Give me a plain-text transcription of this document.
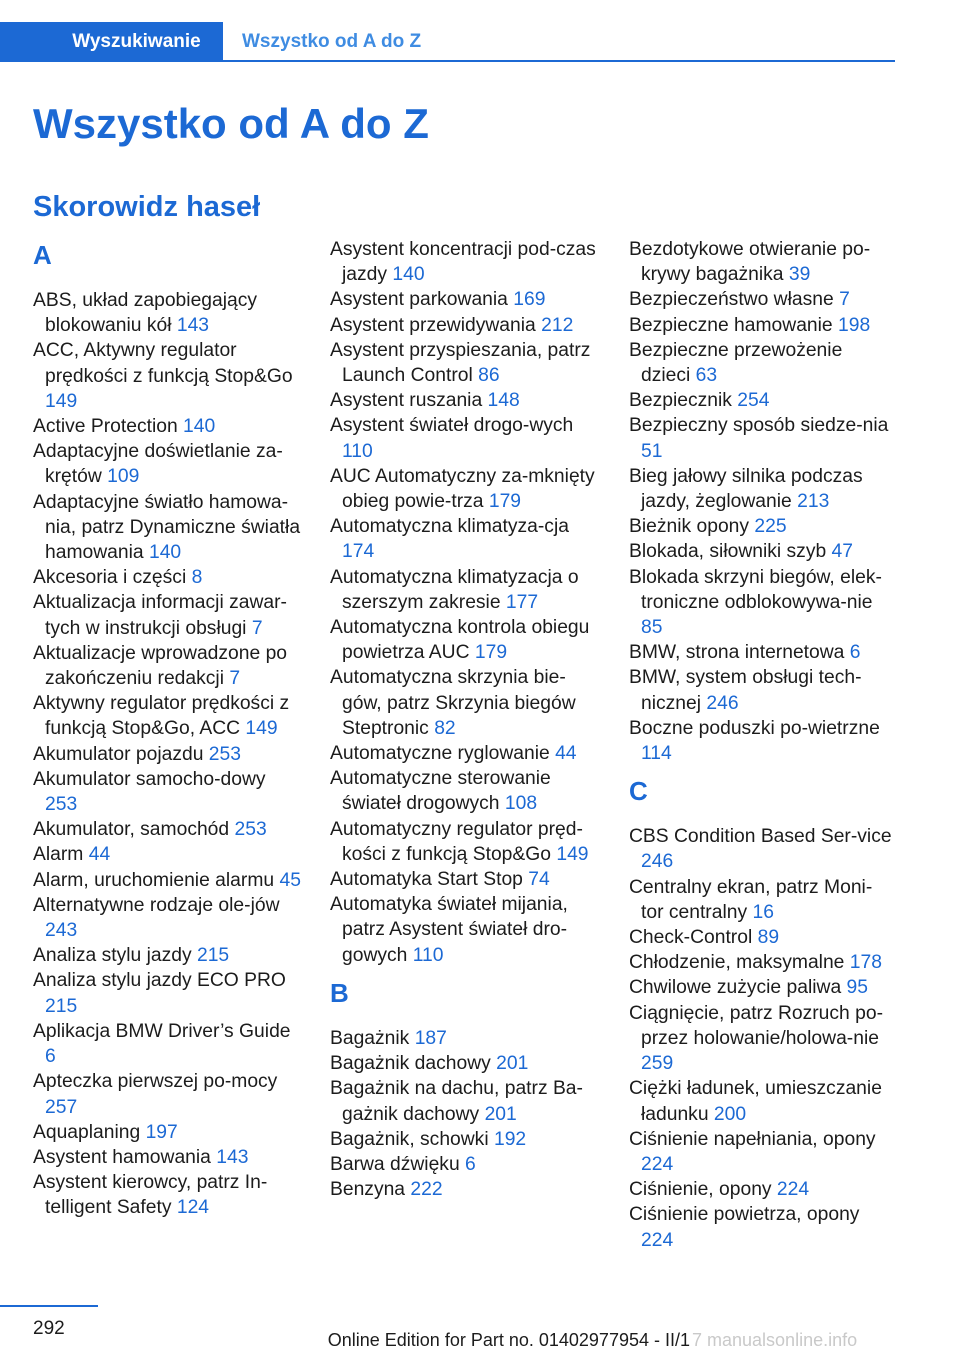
Wyszukiwanie	Wszystko od A do Z
Wszystko od A do Z
Skorowidz haseł
A
ABS, układ zapobiegający blokowaniu kół 143
ACC, Aktywny regulator prędkości z funkcją Stop&Go 149
Active Protection 140
Adaptacyjne doświetlanie za‐krętów 109
Adaptacyjne światło hamowa‐nia, patrz Dynamiczne światła hamowania 140
Akcesoria i części 8
Aktualizacja informacji zawar‐tych w instrukcji obsługi 7
Aktualizacje wprowadzone po zakończeniu redakcji 7
Aktywny regulator prędkości z funkcją Stop&Go, ACC 149
Akumulator pojazdu 253
Akumulator samocho‐dowy 253
Akumulator, samochód 253
Alarm 44
Alarm, uruchomienie alarmu 45
Alternatywne rodzaje ole‐jów 243
Analiza stylu jazdy 215
Analiza stylu jazdy ECO PRO 215
Aplikacja BMW Driver’s Guide 6
Apteczka pierwszej po‐mocy 257
Aquaplaning 197
Asystent hamowania 143
Asystent kierowcy, patrz In‐telligent Safety 124
Asystent koncentracji pod‐czas jazdy 140
Asystent parkowania 169
Asystent przewidywania 212
Asystent przyspieszania, patrz Launch Control 86
Asystent ruszania 148
Asystent świateł drogo‐wych 110
AUC Automatyczny za‐mknięty obieg powie‐trza 179
Automatyczna klimatyza‐cja 174
Automatyczna klimatyzacja o szerszym zakresie 177
Automatyczna kontrola obiegu powietrza AUC 179
Automatyczna skrzynia bie‐gów, patrz Skrzynia biegów Steptronic 82
Automatyczne ryglowanie 44
Automatyczne sterowanie świateł drogowych 108
Automatyczny regulator pręd‐kości z funkcją Stop&Go 149
Automatyka Start Stop 74
Automatyka świateł mijania, patrz Asystent świateł dro‐gowych 110
B
Bagażnik 187
Bagażnik dachowy 201
Bagażnik na dachu, patrz Ba‐gażnik dachowy 201
Bagażnik, schowki 192
Barwa dźwięku 6
Benzyna 222
Bezdotykowe otwieranie po‐krywy bagażnika 39
Bezpieczeństwo własne 7
Bezpieczne hamowanie 198
Bezpieczne przewożenie dzieci 63
Bezpiecznik 254
Bezpieczny sposób siedze‐nia 51
Bieg jałowy silnika podczas jazdy, żeglowanie 213
Bieżnik opony 225
Blokada, siłowniki szyb 47
Blokada skrzyni biegów, elek‐troniczne odblokowywa‐nie 85
BMW, strona internetowa 6
BMW, system obsługi tech‐nicznej 246
Boczne poduszki po‐wietrzne 114
C
CBS Condition Based Ser‐vice 246
Centralny ekran, patrz Moni‐tor centralny 16
Check-Control 89
Chłodzenie, maksymalne 178
Chwilowe zużycie paliwa 95
Ciągnięcie, patrz Rozruch po‐przez holowanie/holowa‐nie 259
Ciężki ładunek, umieszczanie ładunku 200
Ciśnienie napełniania, opony 224
Ciśnienie, opony 224
Ciśnienie powietrza, opony 224
292
Online Edition for Part no. 01402977954 - II/1 7 manualsonline.info
